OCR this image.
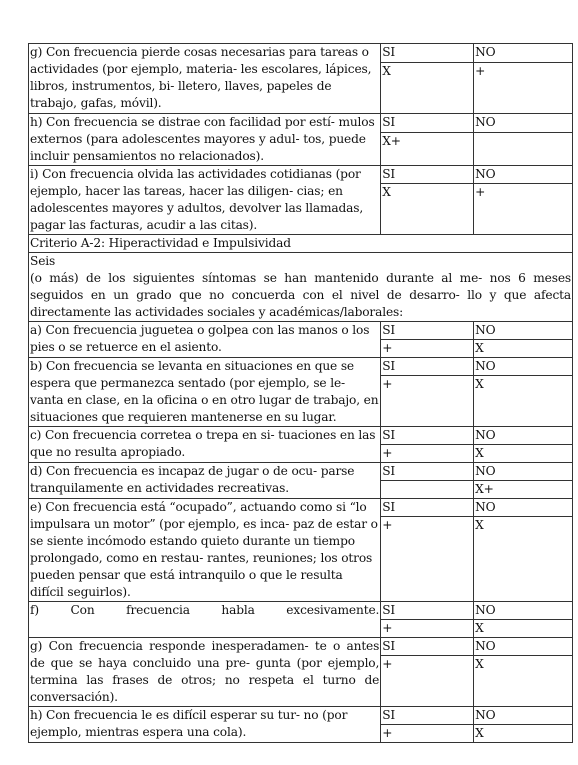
g) Con frecuencia pierde cosas necesarias para tareas o actividades (por ejemplo, materia- les escolares, lápices, libros, instrumentos, bi- lletero, llaves, papeles de trabajo, gafas, móvil).	SI	NO
	X	+
h) Con frecuencia se distrae con facilidad por estí- mulos externos (para adolescentes mayores y adul- tos, puede incluir pensamientos no relacionados).	SI	NO
	X+	
i) Con frecuencia olvida las actividades cotidianas (por ejemplo, hacer las tareas, hacer las diligen- cias; en adolescentes mayores y adultos, devolver las llamadas, pagar las facturas, acudir a las citas).	SI	NO
	X	+
Criterio A-2: Hiperactividad e Impulsividad		
Seis
(o más) de los siguientes síntomas se han mantenido durante al me- nos 6 meses seguidos en un grado que no concuerda con el nivel de desarro- llo y que afecta directamente las actividades sociales y académicas/laborales:		
a) Con frecuencia juguetea o golpea con las manos o los pies o se retuerce en el asiento.	SI	NO
	+	X
b) Con frecuencia se levanta en situaciones en que se espera que permanezca sentado (por ejemplo, se le- vanta en clase, en la oficina o en otro lugar de trabajo, en situaciones que requieren mantenerse en su lugar.	SI	NO
	+	X
c) Con frecuencia corretea o trepa en si- tuaciones en las que no resulta apropiado.	SI	NO
	+	X
d) Con frecuencia es incapaz de jugar o de ocu- parse tranquilamente en actividades recreativas.	SI	NO
		X+
e) Con frecuencia está “ocupado”, actuando como si “lo impulsara un motor” (por ejemplo, es inca- paz de estar o se siente incómodo estando quieto durante un tiempo prolongado, como en restau- rantes, reuniones; los otros pueden pensar que está intranquilo o que le resulta difícil seguirlos).	SI	NO
	+	X
f) Con frecuencia habla excesivamente.	SI	NO
	+	X
g) Con frecuencia responde inesperadamen- te o antes de que se haya concluido una pre- gunta (por ejemplo, termina las frases de otros; no respeta el turno de conversación).	SI	NO
	+	X
h) Con frecuencia le es difícil esperar su tur- no (por ejemplo, mientras espera una cola).	SI	NO
	+	X
